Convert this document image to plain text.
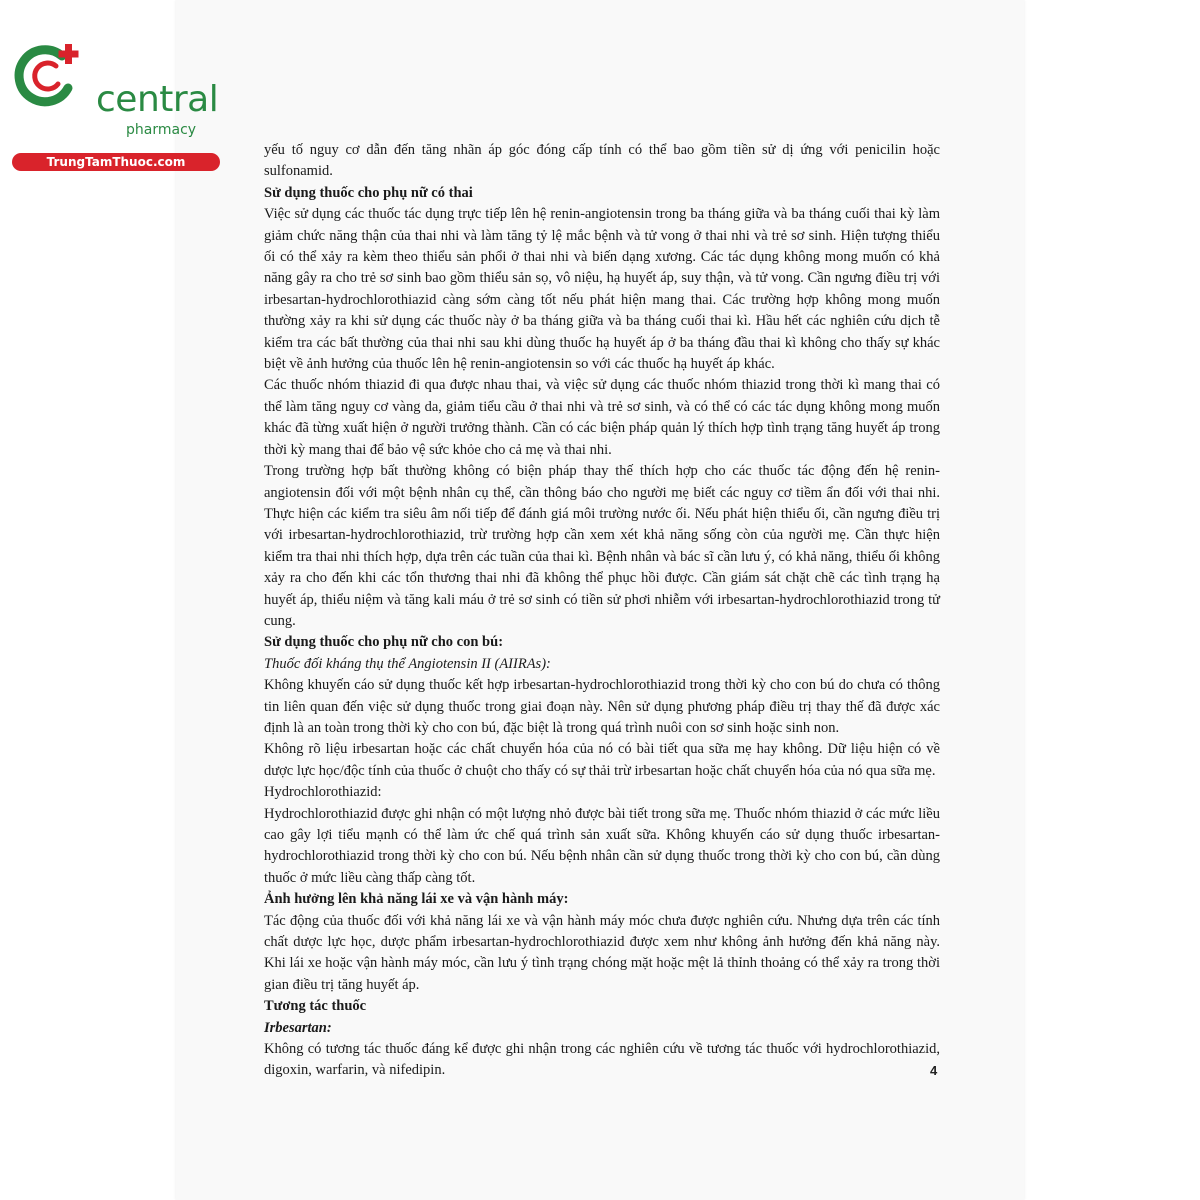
central
pharmacy
TrungTamThuoc.com

yếu tố nguy cơ dẫn đến tăng nhãn áp góc đóng cấp tính có thể bao gồm tiền sử dị ứng với penicilin hoặc sulfonamid.

Sử dụng thuốc cho phụ nữ có thai

Việc sử dụng các thuốc tác dụng trực tiếp lên hệ renin-angiotensin trong ba tháng giữa và ba tháng cuối thai kỳ làm giảm chức năng thận của thai nhi và làm tăng tỷ lệ mắc bệnh và tử vong ở thai nhi và trẻ sơ sinh. Hiện tượng thiểu ối có thể xảy ra kèm theo thiểu sản phổi ở thai nhi và biến dạng xương. Các tác dụng không mong muốn có khả năng gây ra cho trẻ sơ sinh bao gồm thiểu sản sọ, vô niệu, hạ huyết áp, suy thận, và tử vong. Cần ngưng điều trị với irbesartan-hydrochlorothiazid càng sớm càng tốt nếu phát hiện mang thai. Các trường hợp không mong muốn thường xảy ra khi sử dụng các thuốc này ở ba tháng giữa và ba tháng cuối thai kì. Hầu hết các nghiên cứu dịch tễ kiểm tra các bất thường của thai nhi sau khi dùng thuốc hạ huyết áp ở ba tháng đầu thai kì không cho thấy sự khác biệt về ảnh hưởng của thuốc lên hệ renin-angiotensin so với các thuốc hạ huyết áp khác.

Các thuốc nhóm thiazid đi qua được nhau thai, và việc sử dụng các thuốc nhóm thiazid trong thời kì mang thai có thể làm tăng nguy cơ vàng da, giảm tiểu cầu ở thai nhi và trẻ sơ sinh, và có thể có các tác dụng không mong muốn khác đã từng xuất hiện ở người trưởng thành. Cần có các biện pháp quản lý thích hợp tình trạng tăng huyết áp trong thời kỳ mang thai để bảo vệ sức khỏe cho cả mẹ và thai nhi.

Trong trường hợp bất thường không có biện pháp thay thế thích hợp cho các thuốc tác động đến hệ renin-angiotensin đối với một bệnh nhân cụ thể, cần thông báo cho người mẹ biết các nguy cơ tiềm ẩn đối với thai nhi. Thực hiện các kiểm tra siêu âm nối tiếp để đánh giá môi trường nước ối. Nếu phát hiện thiểu ối, cần ngưng điều trị với irbesartan-hydrochlorothiazid, trừ trường hợp cần xem xét khả năng sống còn của người mẹ. Cần thực hiện kiểm tra thai nhi thích hợp, dựa trên các tuần của thai kì. Bệnh nhân và bác sĩ cần lưu ý, có khả năng, thiểu ối không xảy ra cho đến khi các tổn thương thai nhi đã không thể phục hồi được. Cần giám sát chặt chẽ các tình trạng hạ huyết áp, thiểu niệm và tăng kali máu ở trẻ sơ sinh có tiền sử phơi nhiễm với irbesartan-hydrochlorothiazid trong tử cung.

Sử dụng thuốc cho phụ nữ cho con bú:

Thuốc đối kháng thụ thể Angiotensin II (AIIRAs):

Không khuyến cáo sử dụng thuốc kết hợp irbesartan-hydrochlorothiazid trong thời kỳ cho con bú do chưa có thông tin liên quan đến việc sử dụng thuốc trong giai đoạn này. Nên sử dụng phương pháp điều trị thay thế đã được xác định là an toàn trong thời kỳ cho con bú, đặc biệt là trong quá trình nuôi con sơ sinh hoặc sinh non.

Không rõ liệu irbesartan hoặc các chất chuyển hóa của nó có bài tiết qua sữa mẹ hay không. Dữ liệu hiện có về dược lực học/độc tính của thuốc ở chuột cho thấy có sự thải trừ irbesartan hoặc chất chuyển hóa của nó qua sữa mẹ.

Hydrochlorothiazid:

Hydrochlorothiazid được ghi nhận có một lượng nhỏ được bài tiết trong sữa mẹ. Thuốc nhóm thiazid ở các mức liều cao gây lợi tiểu mạnh có thể làm ức chế quá trình sản xuất sữa. Không khuyến cáo sử dụng thuốc irbesartan-hydrochlorothiazid trong thời kỳ cho con bú. Nếu bệnh nhân cần sử dụng thuốc trong thời kỳ cho con bú, cần dùng thuốc ở mức liều càng thấp càng tốt.

Ảnh hưởng lên khả năng lái xe và vận hành máy:

Tác động của thuốc đối với khả năng lái xe và vận hành máy móc chưa được nghiên cứu. Nhưng dựa trên các tính chất dược lực học, dược phẩm irbesartan-hydrochlorothiazid được xem như không ảnh hưởng đến khả năng này. Khi lái xe hoặc vận hành máy móc, cần lưu ý tình trạng chóng mặt hoặc mệt lả thỉnh thoảng có thể xảy ra trong thời gian điều trị tăng huyết áp.

Tương tác thuốc

Irbesartan:

Không có tương tác thuốc đáng kể được ghi nhận trong các nghiên cứu về tương tác thuốc với hydrochlorothiazid, digoxin, warfarin, và nifedipin.	4
